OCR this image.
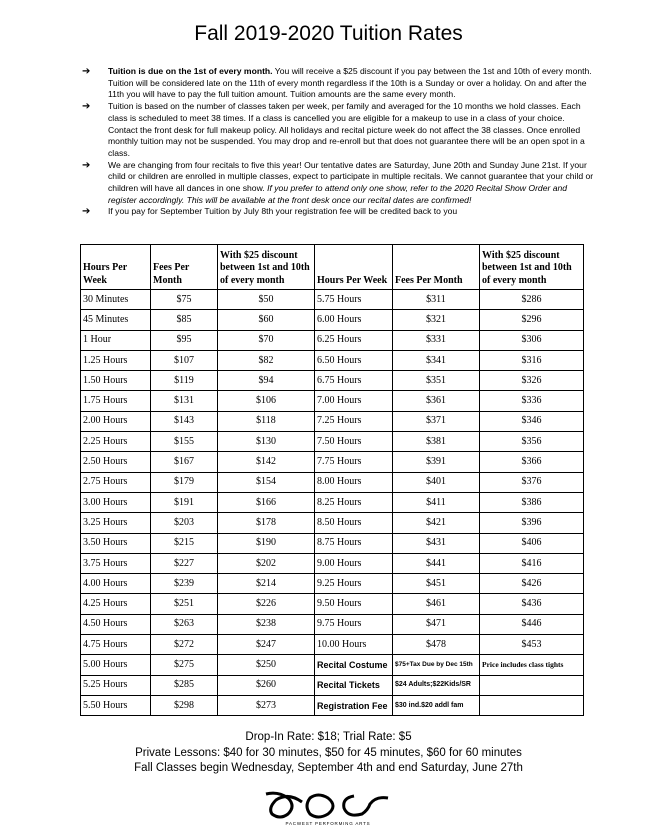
Fall 2019-2020 Tuition Rates

➔ Tuition is due on the 1st of every month. You will receive a $25 discount if you pay between the 1st and 10th of every month. Tuition will be considered late on the 11th of every month regardless if the 10th is a Sunday or over a holiday. On and after the 11th you will have to pay the full tuition amount. Tuition amounts are the same every month.

➔ Tuition is based on the number of classes taken per week, per family and averaged for the 10 months we hold classes. Each class is scheduled to meet 38 times. If a class is cancelled you are eligible for a makeup to use in a class of your choice. Contact the front desk for full makeup policy. All holidays and recital picture week do not affect the 38 classes. Once enrolled monthly tuition may not be suspended. You may drop and re-enroll but that does not guarantee there will be an open spot in a class.

➔ We are changing from four recitals to five this year! Our tentative dates are Saturday, June 20th and Sunday June 21st. If your child or children are enrolled in multiple classes, expect to participate in multiple recitals. We cannot guarantee that your child or children will have all dances in one show. If you prefer to attend only one show, refer to the 2020 Recital Show Order and register accordingly. This will be available at the front desk once our recital dates are confirmed!

➔ If you pay for September Tuition by July 8th your registration fee will be credited back to you

Hours Per Week	Fees Per Month	With $25 discount between 1st and 10th of every month	Hours Per Week	Fees Per Month	With $25 discount between 1st and 10th of every month
30 Minutes	$75	$50	5.75 Hours	$311	$286
45 Minutes	$85	$60	6.00 Hours	$321	$296
1 Hour	$95	$70	6.25 Hours	$331	$306
1.25 Hours	$107	$82	6.50 Hours	$341	$316
1.50 Hours	$119	$94	6.75 Hours	$351	$326
1.75 Hours	$131	$106	7.00 Hours	$361	$336
2.00 Hours	$143	$118	7.25 Hours	$371	$346
2.25 Hours	$155	$130	7.50 Hours	$381	$356
2.50 Hours	$167	$142	7.75 Hours	$391	$366
2.75 Hours	$179	$154	8.00 Hours	$401	$376
3.00 Hours	$191	$166	8.25 Hours	$411	$386
3.25 Hours	$203	$178	8.50 Hours	$421	$396
3.50 Hours	$215	$190	8.75 Hours	$431	$406
3.75 Hours	$227	$202	9.00 Hours	$441	$416
4.00 Hours	$239	$214	9.25 Hours	$451	$426
4.25 Hours	$251	$226	9.50 Hours	$461	$436
4.50 Hours	$263	$238	9.75 Hours	$471	$446
4.75 Hours	$272	$247	10.00 Hours	$478	$453
5.00 Hours	$275	$250	Recital Costume	$75+Tax Due by Dec 15th	Price includes class tights
5.25 Hours	$285	$260	Recital Tickets	$24 Adults;$22Kids/SR	
5.50 Hours	$298	$273	Registration Fee	$30 ind.$20 addl fam	
Drop-In Rate: $18; Trial Rate: $5
Private Lessons: $40 for 30 minutes, $50 for 45 minutes, $60 for 60 minutes
Fall Classes begin Wednesday, September 4th and end Saturday, June 27th
PACWEST PERFORMING ARTS
